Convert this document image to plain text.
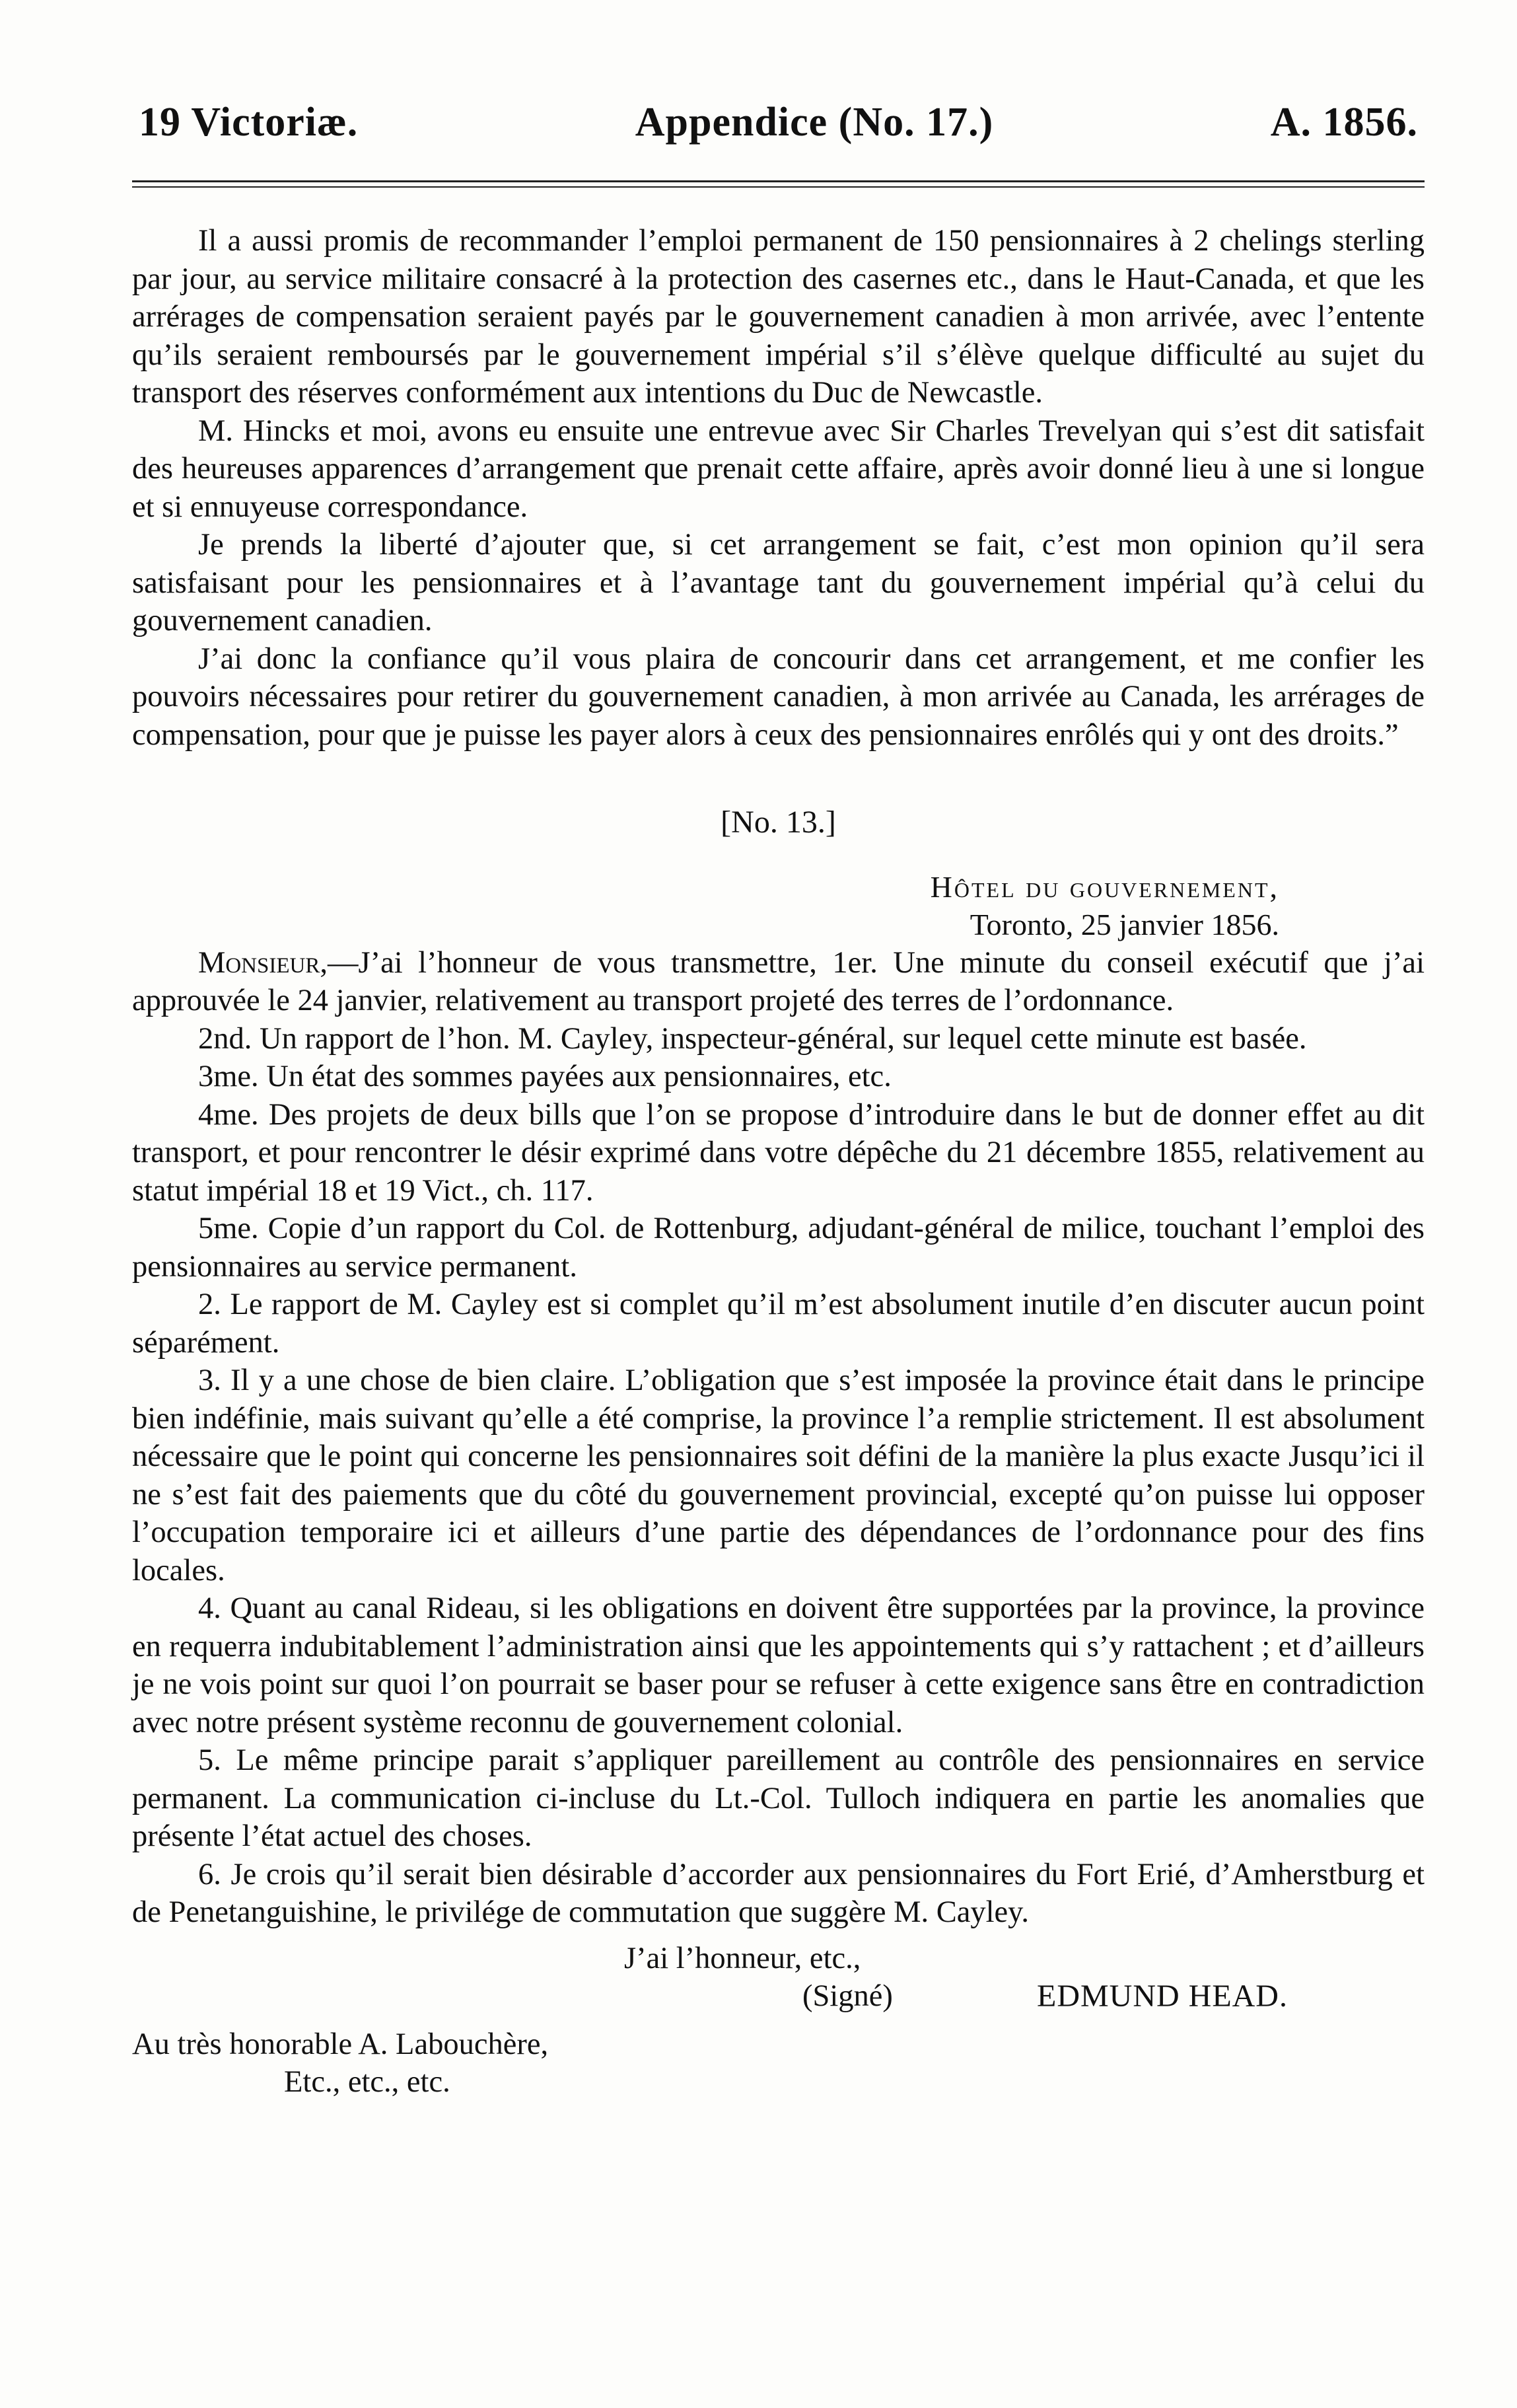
19 Victoriæ.	Appendice (No. 17.)	A. 1856.

Il a aussi promis de recommander l’emploi permanent de 150 pensionnaires à 2 chelings sterling par jour, au service militaire consacré à la protection des casernes etc., dans le Haut-Canada, et que les arrérages de compensation seraient payés par le gouvernement canadien à mon arrivée, avec l’entente qu’ils seraient remboursés par le gouvernement impérial s’il s’élève quelque difficulté au sujet du transport des réserves conformément aux intentions du Duc de Newcastle.

M. Hincks et moi, avons eu ensuite une entrevue avec Sir Charles Trevelyan qui s’est dit satisfait des heureuses apparences d’arrangement que prenait cette affaire, après avoir donné lieu à une si longue et si ennuyeuse correspondance.

Je prends la liberté d’ajouter que, si cet arrangement se fait, c’est mon opinion qu’il sera satisfaisant pour les pensionnaires et à l’avantage tant du gouvernement impérial qu’à celui du gouvernement canadien.

J’ai donc la confiance qu’il vous plaira de concourir dans cet arrangement, et me confier les pouvoirs nécessaires pour retirer du gouvernement canadien, à mon arrivée au Canada, les arrérages de compensation, pour que je puisse les payer alors à ceux des pensionnaires enrôlés qui y ont des droits.”

[No. 13.]
Hôtel du gouvernement,
Toronto, 25 janvier 1856.

Monsieur,—J’ai l’honneur de vous transmettre, 1er. Une minute du conseil exécutif que j’ai approuvée le 24 janvier, relativement au transport projeté des terres de l’ordonnance.

2nd. Un rapport de l’hon. M. Cayley, inspecteur-général, sur lequel cette minute est basée.

3me. Un état des sommes payées aux pensionnaires, etc.

4me. Des projets de deux bills que l’on se propose d’introduire dans le but de donner effet au dit transport, et pour rencontrer le désir exprimé dans votre dépêche du 21 décembre 1855, relativement au statut impérial 18 et 19 Vict., ch. 117.

5me. Copie d’un rapport du Col. de Rottenburg, adjudant-général de milice, touchant l’emploi des pensionnaires au service permanent.

2. Le rapport de M. Cayley est si complet qu’il m’est absolument inutile d’en discuter aucun point séparément.

3. Il y a une chose de bien claire. L’obligation que s’est imposée la province était dans le principe bien indéfinie, mais suivant qu’elle a été comprise, la province l’a remplie strictement. Il est absolument nécessaire que le point qui concerne les pensionnaires soit défini de la manière la plus exacte Jusqu’ici il ne s’est fait des paiements que du côté du gouvernement provincial, excepté qu’on puisse lui opposer l’occupation temporaire ici et ailleurs d’une partie des dépendances de l’ordonnance pour des fins locales.

4. Quant au canal Rideau, si les obligations en doivent être supportées par la province, la province en requerra indubitablement l’administration ainsi que les appointements qui s’y rattachent ; et d’ailleurs je ne vois point sur quoi l’on pourrait se baser pour se refuser à cette exigence sans être en contradiction avec notre présent système reconnu de gouvernement colonial.

5. Le même principe parait s’appliquer pareillement au contrôle des pensionnaires en service permanent. La communication ci-incluse du Lt.-Col. Tulloch indiquera en partie les anomalies que présente l’état actuel des choses.

6. Je crois qu’il serait bien désirable d’accorder aux pensionnaires du Fort Erié, d’Amherstburg et de Penetanguishine, le privilége de commutation que suggère M. Cayley.

J’ai l’honneur, etc.,
(Signé)	EDMUND HEAD.
Au très honorable A. Labouchère,
Etc., etc., etc.
